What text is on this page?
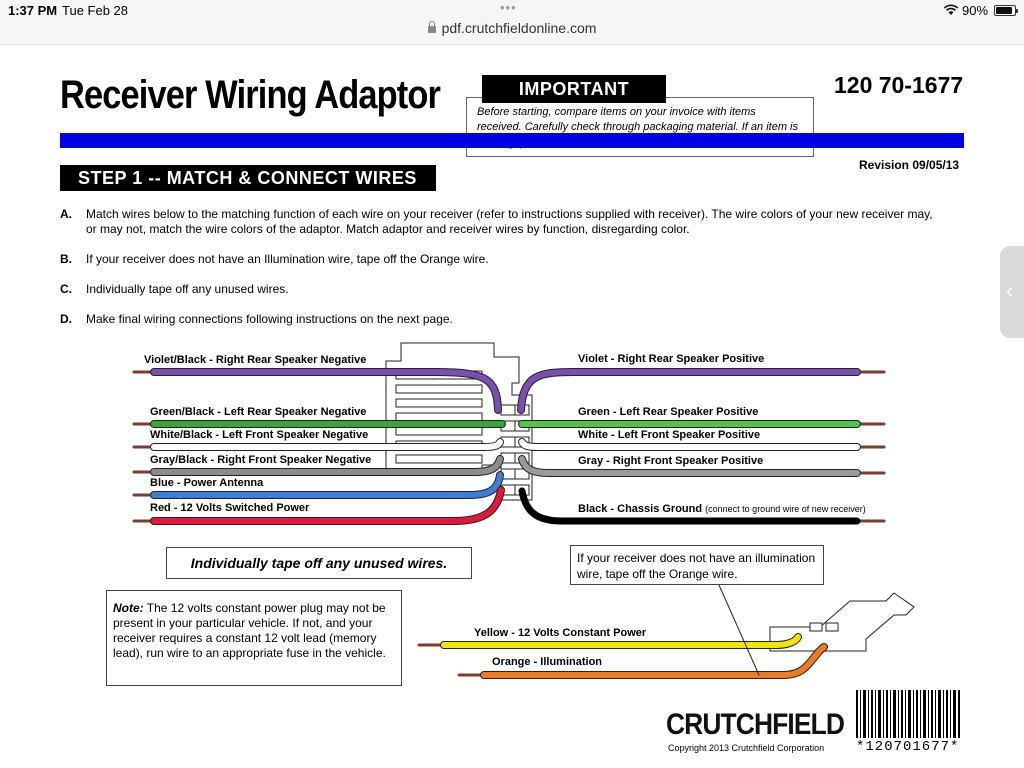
1:37 PM Tue Feb 28	•••	90%
pdf.crutchfieldonline.com
Receiver Wiring Adaptor	120 70-1677
Before starting, compare items on your invoice with items received. Carefully check through packaging material. If an item is
IMPORTANT
Revision 09/05/13
STEP 1 -- MATCH & CONNECT WIRES
A. Match wires below to the matching function of each wire on your receiver (refer to instructions supplied with receiver). The wire colors of your new receiver may, or may not, match the wire colors of the adaptor. Match adaptor and receiver wires by function, disregarding color.
B. If your receiver does not have an Illumination wire, tape off the Orange wire.
C. Individually tape off any unused wires.
D. Make final wiring connections following instructions on the next page.
Violet/Black - Right Rear Speaker Negative
Green/Black - Left Rear Speaker Negative
White/Black - Left Front Speaker Negative
Gray/Black - Right Front Speaker Negative
Blue - Power Antenna
Red - 12 Volts Switched Power
Violet - Right Rear Speaker Positive
Green - Left Rear Speaker Positive
White - Left Front Speaker Positive
Gray - Right Front Speaker Positive
Black - Chassis Ground (connect to ground wire of new receiver)
Individually tape off any unused wires.	If your receiver does not have an illumination wire, tape off the Orange wire.
Note: The 12 volts constant power plug may not be present in your particular vehicle. If not, and your receiver requires a constant 12 volt lead (memory lead), run wire to an appropriate fuse in the vehicle.
Yellow - 12 Volts Constant Power
Orange - Illumination
CRUTCHFIELD
Copyright 2013 Crutchfield Corporation *120701677*
‹
